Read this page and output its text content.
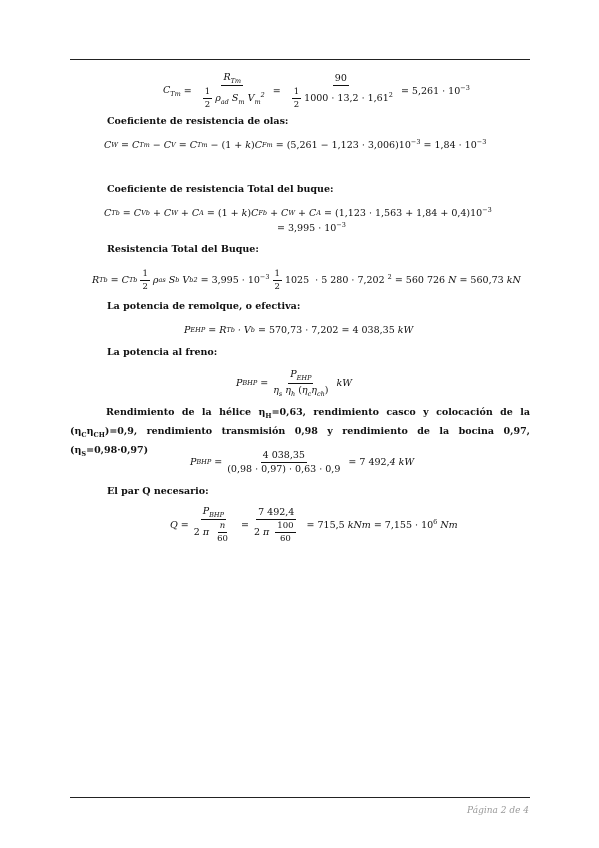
$C_{Tm} = \frac{R_{Tm}}{\frac{1}{2} \rho_{ad} S_m V_m^2} = \frac{90}{\frac{1}{2} 1000 \cdot 13,2 \cdot 1,61^2} = 5,261 \cdot 10^{-3}$
Coeficiente de resistencia de olas:
C W = C Tm − C V = C Tm − (1 + k ) C $Fm = (5,261 - 1,123 \cdot 3,006)10^{-3} = 1,84 \cdot 10^{-3}$
Coeficiente de resistencia Total del buque:
C Tb = C Vb + C W + C A = (1 + k ) C Fb + C W + C $A = (1,123 \cdot 1,563 + 1,84 + 0,4)10^{-3}$
= $3,995 \cdot 10^{-3}$
Resistencia Total del Buque:
R Tb = C Tb $\frac{1}{2}$ ρ as S b V b $2 = 3,995 \cdot 10^{-3} \frac{1}{2} 1025 \cdot 5$ 280 · 7,202 $^2$ = 560 726 N = 560,73 kN
La potencia de remolque, o efectiva:
P EHP = R Tb · V b = 570,73 · 7,202 = 4 038,35 kW
La potencia al freno:
P BHP = $\frac{P_{EHP}}{\eta_s \eta_h (\eta_c\eta_{ch})}$ kW
Rendimiento de la hélice $\eta_H=0,63$, rendimiento casco y colocación de la $(\eta_C\eta_{CH})=0,9$, rendimiento transmisión 0,98 y rendimiento de la bocina 0,97, $(\eta_S=0,98\cdot 0,97)$
P BHP = $\frac{4 038,35}{(0,98 \cdot 0,97) \cdot 0,63 \cdot 0,9} = 7$ 492, 4 kW
El par Q necesario:
$Q = \frac{P_{BHP}}{2 \pi \frac{n}{60}} = \frac{7 492,4}{2 \pi \frac{100}{60}} = 715,5$ kNm = $7,155 \cdot 10^6$ Nm
Página 2 de 4
